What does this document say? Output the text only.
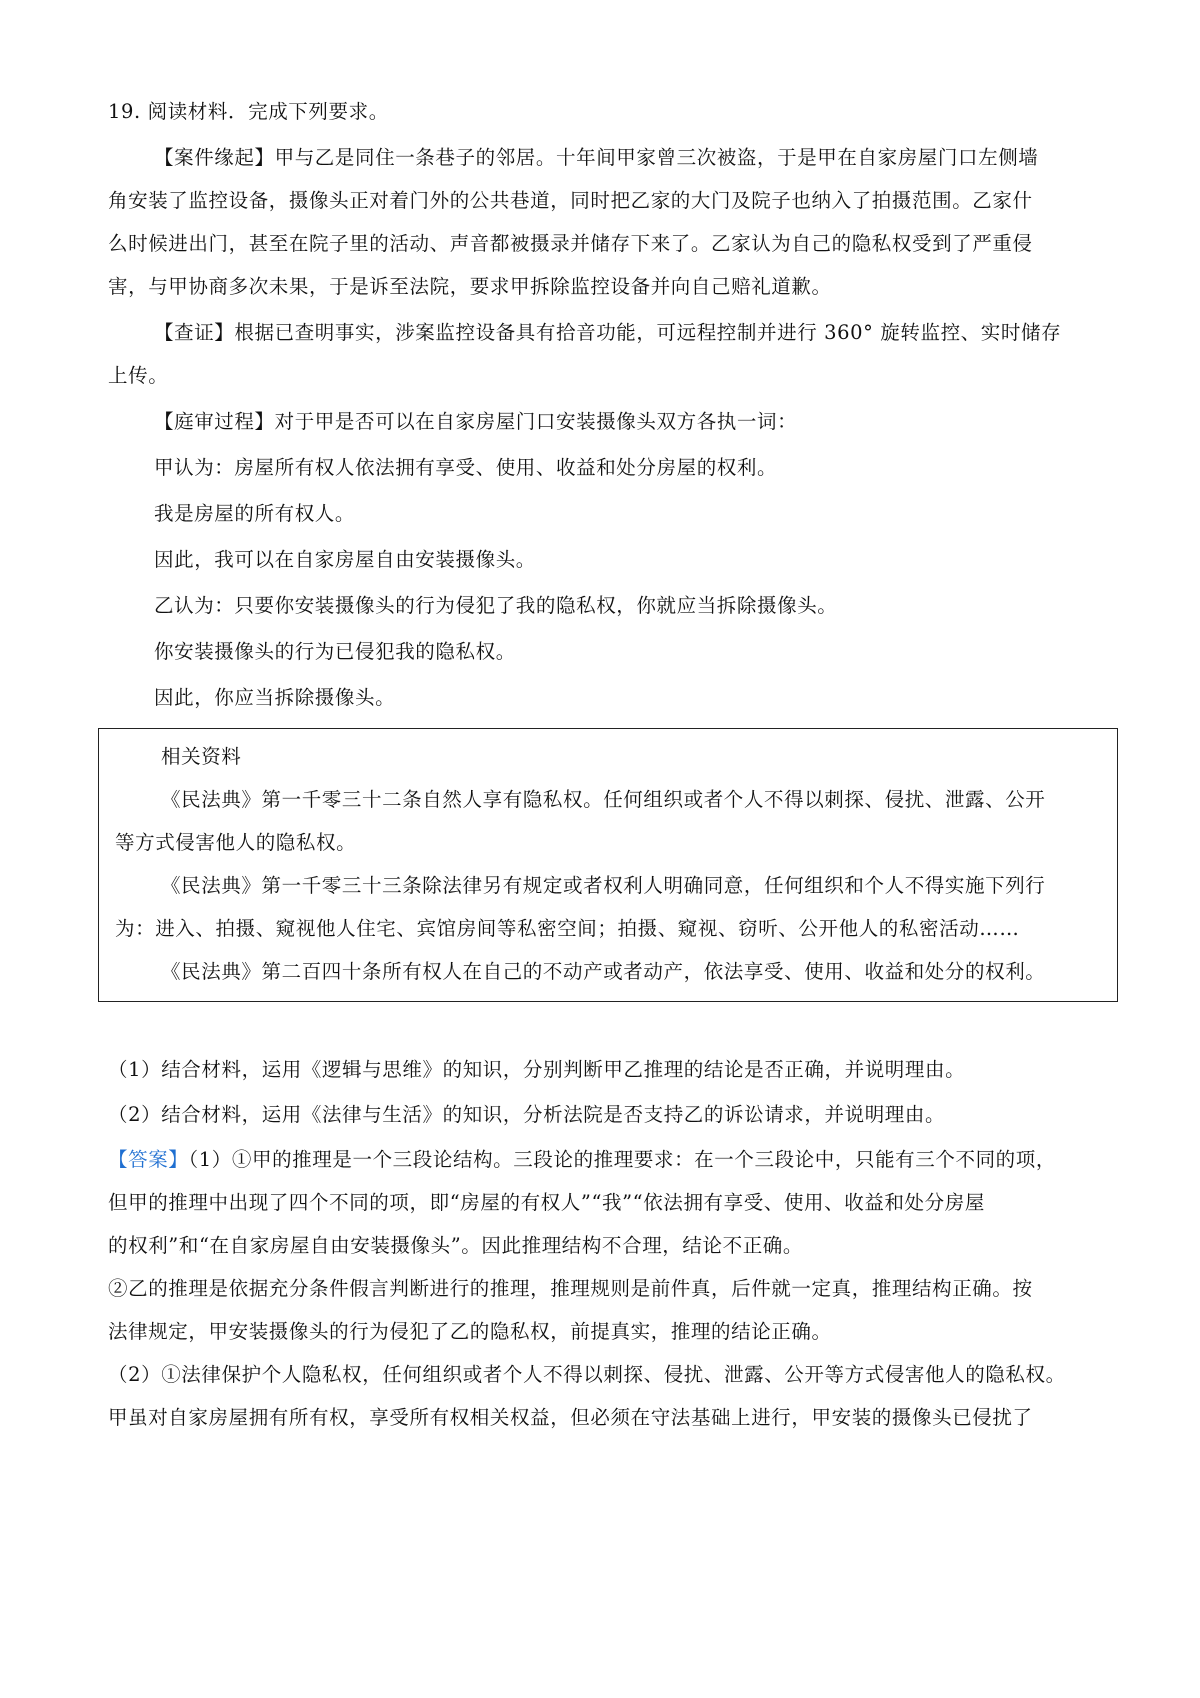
19. 阅读材料．完成下列要求。
【案件缘起】甲与乙是同住一条巷子的邻居。十年间甲家曾三次被盗，于是甲在自家房屋门口左侧墙
角安装了监控设备，摄像头正对着门外的公共巷道，同时把乙家的大门及院子也纳入了拍摄范围。乙家什
么时候进出门，甚至在院子里的活动、声音都被摄录并储存下来了。乙家认为自己的隐私权受到了严重侵
害，与甲协商多次未果，于是诉至法院，要求甲拆除监控设备并向自己赔礼道歉。
【查证】根据已查明事实，涉案监控设备具有拾音功能，可远程控制并进行 360° 旋转监控、实时储存
上传。
【庭审过程】对于甲是否可以在自家房屋门口安装摄像头双方各执一词：
甲认为：房屋所有权人依法拥有享受、使用、收益和处分房屋的权利。
我是房屋的所有权人。
因此，我可以在自家房屋自由安装摄像头。
乙认为：只要你安装摄像头的行为侵犯了我的隐私权，你就应当拆除摄像头。
你安装摄像头的行为已侵犯我的隐私权。
因此，你应当拆除摄像头。
相关资料
《民法典》第一千零三十二条自然人享有隐私权。任何组织或者个人不得以刺探、侵扰、泄露、公开
等方式侵害他人的隐私权。
《民法典》第一千零三十三条除法律另有规定或者权利人明确同意，任何组织和个人不得实施下列行
为：进入、拍摄、窥视他人住宅、宾馆房间等私密空间；拍摄、窥视、窃听、公开他人的私密活动……
《民法典》第二百四十条所有权人在自己的不动产或者动产，依法享受、使用、收益和处分的权利。
（1）结合材料，运用《逻辑与思维》的知识，分别判断甲乙推理的结论是否正确，并说明理由。
（2）结合材料，运用《法律与生活》的知识，分析法院是否支持乙的诉讼请求，并说明理由。
【答案】（1）①甲的推理是一个三段论结构。三段论的推理要求：在一个三段论中，只能有三个不同的项，
但甲的推理中出现了四个不同的项，即“房屋的有权人”“我”“依法拥有享受、使用、收益和处分房屋
的权利”和“在自家房屋自由安装摄像头”。因此推理结构不合理，结论不正确。
②乙的推理是依据充分条件假言判断进行的推理，推理规则是前件真，后件就一定真，推理结构正确。按
法律规定，甲安装摄像头的行为侵犯了乙的隐私权，前提真实，推理的结论正确。
（2）①法律保护个人隐私权，任何组织或者个人不得以刺探、侵扰、泄露、公开等方式侵害他人的隐私权。
甲虽对自家房屋拥有所有权，享受所有权相关权益，但必须在守法基础上进行，甲安装的摄像头已侵扰了
